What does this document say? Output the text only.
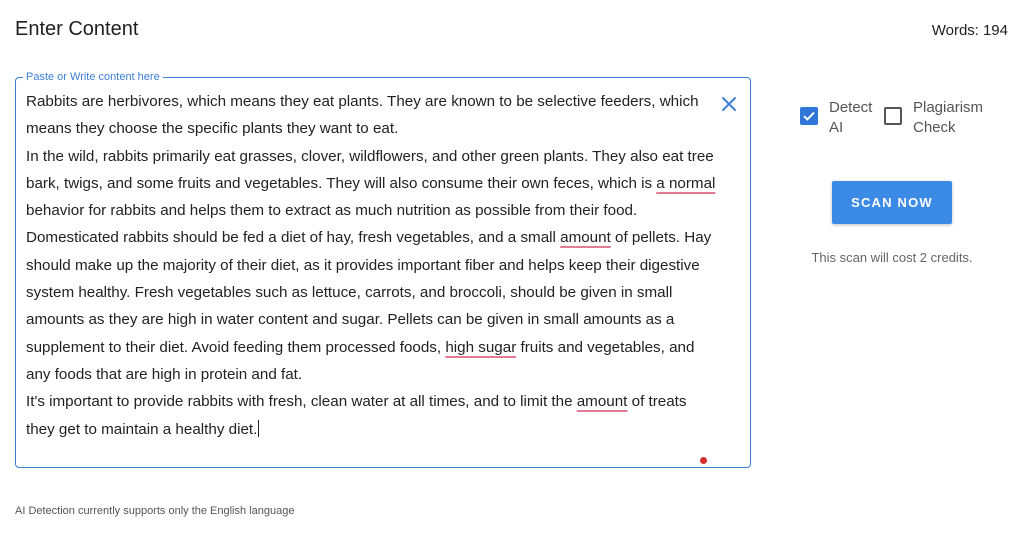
Enter Content	Words: 194
Paste or Write content here

Rabbits are herbivores, which means they eat plants. They are known to be selective feeders, which means they choose the specific plants they want to eat.

In the wild, rabbits primarily eat grasses, clover, wildflowers, and other green plants. They also eat tree bark, twigs, and some fruits and vegetables. They will also consume their own feces, which is a normal behavior for rabbits and helps them to extract as much nutrition as possible from their food.

Domesticated rabbits should be fed a diet of hay, fresh vegetables, and a small amount of pellets. Hay should make up the majority of their diet, as it provides important fiber and helps keep their digestive system healthy. Fresh vegetables such as lettuce, carrots, and broccoli, should be given in small amounts as they are high in water content and sugar. Pellets can be given in small amounts as a supplement to their diet. Avoid feeding them processed foods, high sugar fruits and vegetables, and any foods that are high in protein and fat.

It's important to provide rabbits with fresh, clean water at all times, and to limit the amount of treats they get to maintain a healthy diet.

Detect AI
Plagiarism Check
SCAN NOW
This scan will cost 2 credits.
AI Detection currently supports only the English language
